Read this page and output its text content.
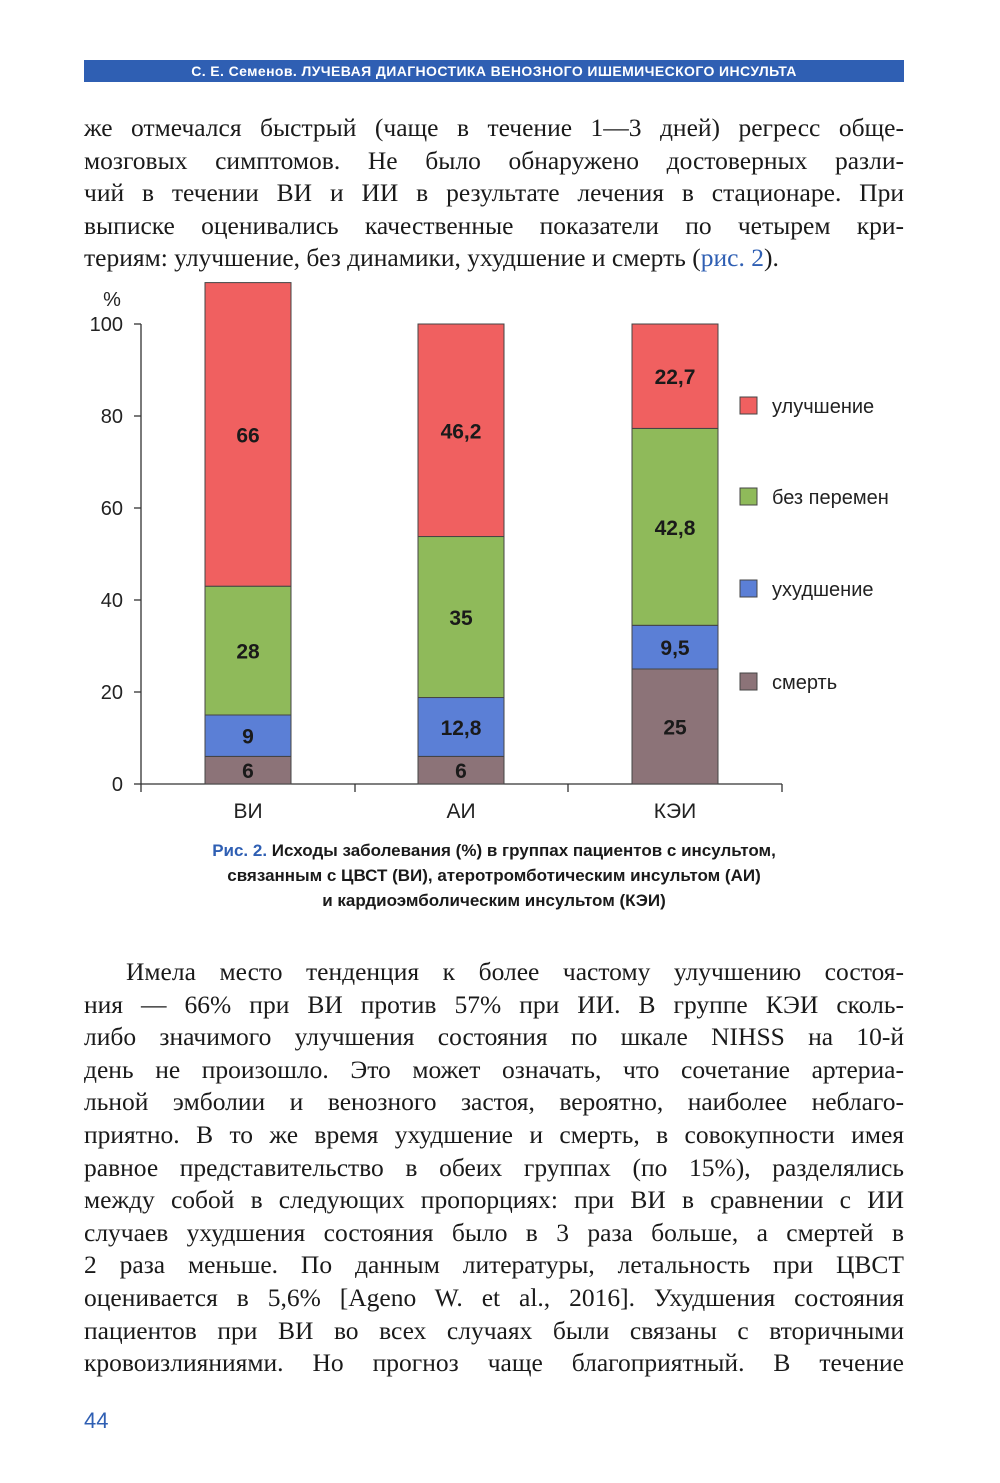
С. Е. Семенов. ЛУЧЕВАЯ ДИАГНОСТИКА ВЕНОЗНОГО ИШЕМИЧЕСКОГО ИНСУЛЬТА
же отмечался быстрый (чаще в течение 1—3 дней) регресс обще-
мозговых симптомов. Не было обнаружено достоверных разли-
чий в течении ВИ и ИИ в результате лечения в стационаре. При
выписке оценивались качественные показатели по четырем кри-
териям: улучшение, без динамики, ухудшение и смерть (рис. 2).
0
20
40
60
80
100
%
ВИ	АИ	КЭИ
6
9
28
66
6
12,8
35
46,2
25
9,5
42,8
22,7
улучшение
без перемен
ухудшение
смерть
Рис. 2. Исходы заболевания (%) в группах пациентов с инсультом,
связанным с ЦВСТ (ВИ), атеротромботическим инсультом (АИ)
и кардиоэмболическим инсультом (КЭИ)
Имела место тенденция к более частому улучшению состоя-
ния — 66% при ВИ против 57% при ИИ. В группе КЭИ сколь-
либо значимого улучшения состояния по шкале NIHSS на 10-й
день не произошло. Это может означать, что сочетание артериа-
льной эмболии и венозного застоя, вероятно, наиболее неблаго-
приятно. В то же время ухудшение и смерть, в совокупности имея
равное представительство в обеих группах (по 15%), разделялись
между собой в следующих пропорциях: при ВИ в сравнении с ИИ
случаев ухудшения состояния было в 3 раза больше, а смертей в
2 раза меньше. По данным литературы, летальность при ЦВСТ
оценивается в 5,6% [Ageno W. et al., 2016]. Ухудшения состояния
пациентов при ВИ во всех случаях были связаны с вторичными
кровоизлияниями. Но прогноз чаще благоприятный. В течение
44
